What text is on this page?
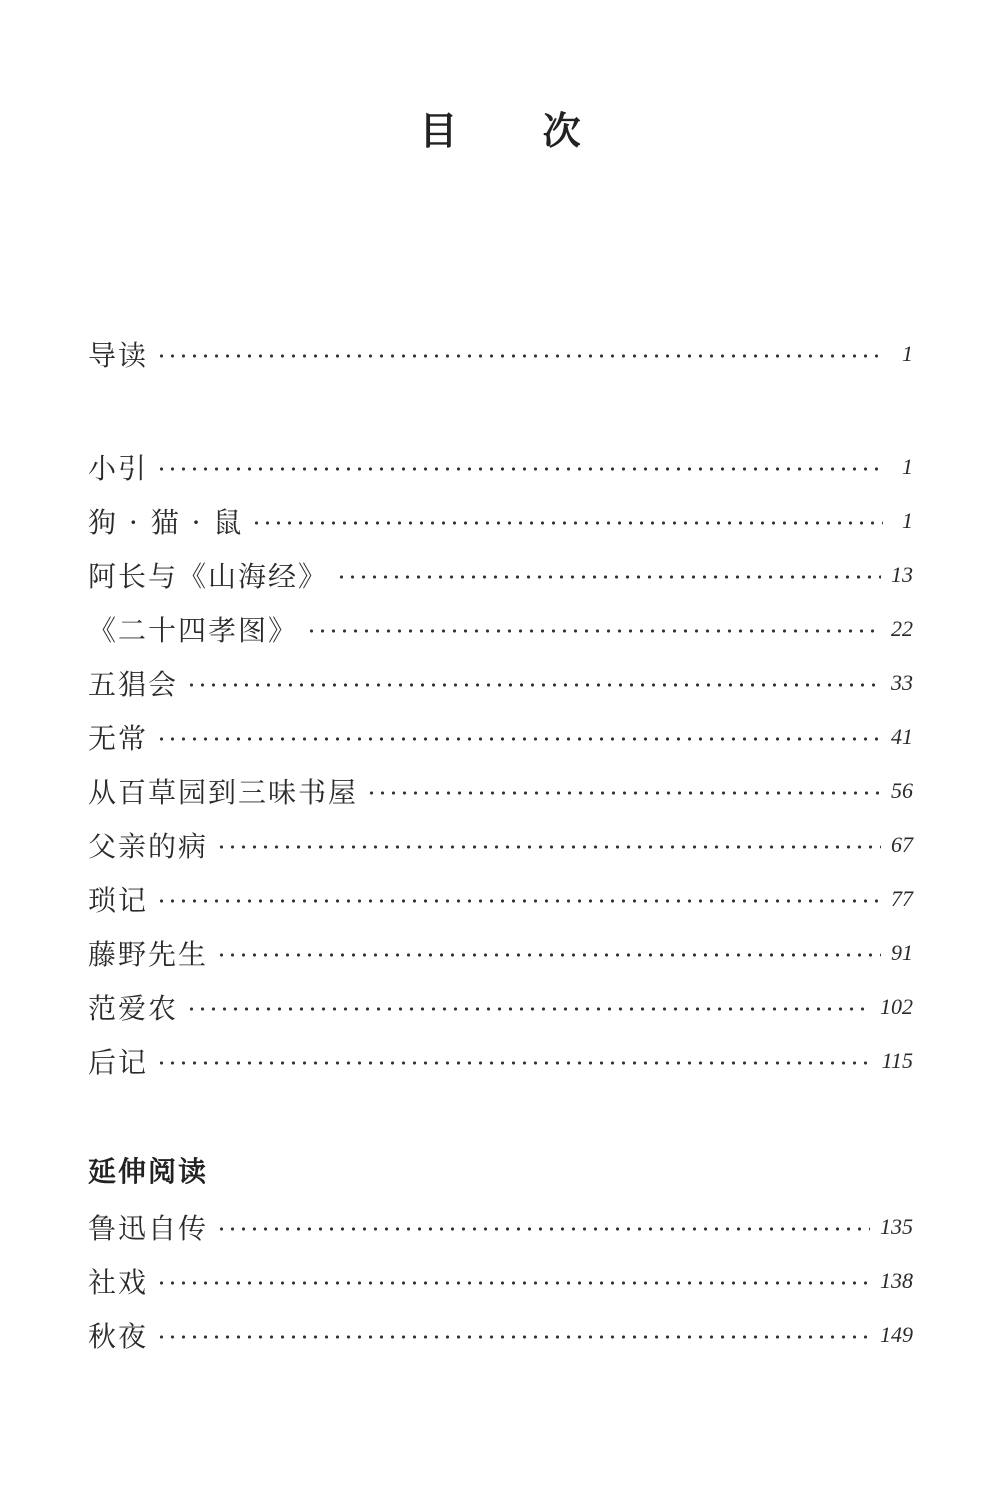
目 次
导读	1
小引	1
狗 · 猫 · 鼠	1
阿长与《山海经》	13
《二十四孝图》	22
五猖会	33
无常	41
从百草园到三味书屋	56
父亲的病	67
琐记	77
藤野先生	91
范爱农	102
后记	115
延伸阅读
鲁迅自传	135
社戏	138
秋夜	149
